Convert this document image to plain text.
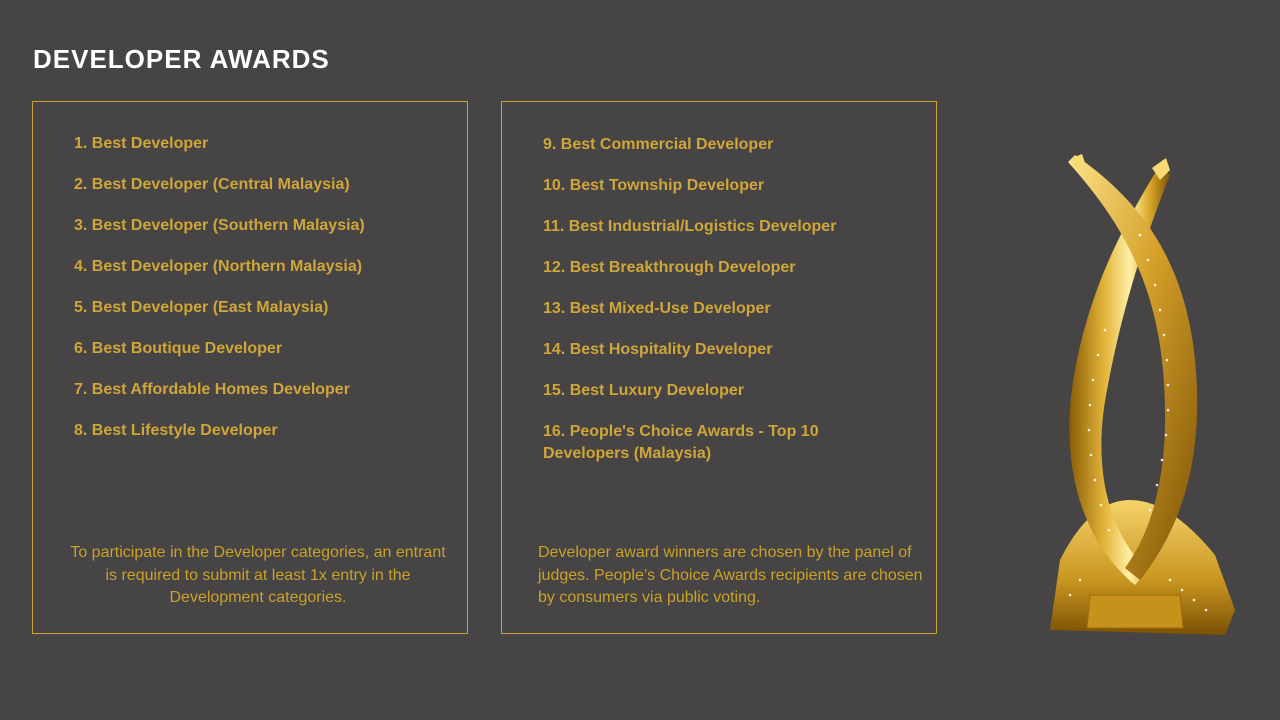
DEVELOPER AWARDS
1. Best Developer
2. Best Developer (Central Malaysia)
3. Best Developer (Southern Malaysia)
4. Best Developer (Northern Malaysia)
5. Best Developer (East Malaysia)
6. Best Boutique Developer
7. Best Affordable Homes Developer
8. Best Lifestyle Developer

To participate in the Developer categories, an entrant is required to submit at least 1x entry in the Development categories.

9. Best Commercial Developer
10. Best Township Developer
11. Best Industrial/Logistics Developer
12. Best Breakthrough Developer
13. Best Mixed-Use Developer
14. Best Hospitality Developer
15. Best Luxury Developer
16. People's Choice Awards - Top 10 Developers (Malaysia)

Developer award winners are chosen by the panel of judges. People’s Choice Awards recipients are chosen by consumers via public voting.
